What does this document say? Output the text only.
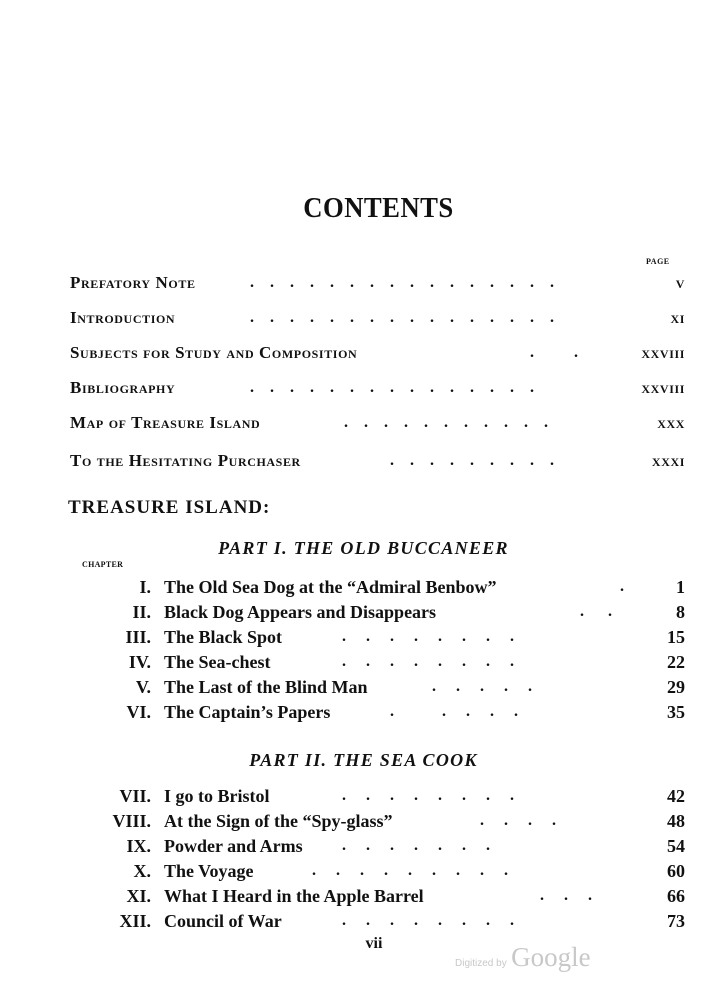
CONTENTS
PAGE
Prefatory Note	.    .    .    .    .    .    .    .    .    .    .    .    .    .    .    .	v
Introduction	.    .    .    .    .    .    .    .    .    .    .    .    .    .    .    .	xi
Subjects for Study and Composition	.          .	xxviii
Bibliography	.    .    .    .    .    .    .    .    .    .    .    .    .    .    .	xxviii
Map of Treasure Island	.    .    .    .    .    .    .    .    .    .    .	xxx
To the Hesitating Purchaser	.    .    .    .    .    .    .    .    .	xxxi
TREASURE ISLAND:
PART I. THE OLD BUCCANEER
CHAPTER
I. The Old Sea Dog at the “Admiral Benbow”	.	1
II. Black Dog Appears and Disappears	.      .	8
III. The Black Spot	.     .     .     .     .     .     .     .	15
IV. The Sea-chest	.     .     .     .     .     .     .     .	22
V. The Last of the Blind Man	.     .     .     .     .	29
VI. The Captain’s Papers	.            .     .     .     .	35
PART II. THE SEA COOK
VII. I go to Bristol	.     .     .     .     .     .     .     .	42
VIII. At the Sign of the “Spy-glass”	.     .     .     .	48
IX. Powder and Arms .     .     .     .     .     .     .	54
X. The Voyage	.     .     .     .     .     .     .     .     .	60
XI. What I Heard in the Apple Barrel	.     .     .	66
XII. Council of War	.     .     .     .     .     .     .     .	73
vii
Digitized by Google
